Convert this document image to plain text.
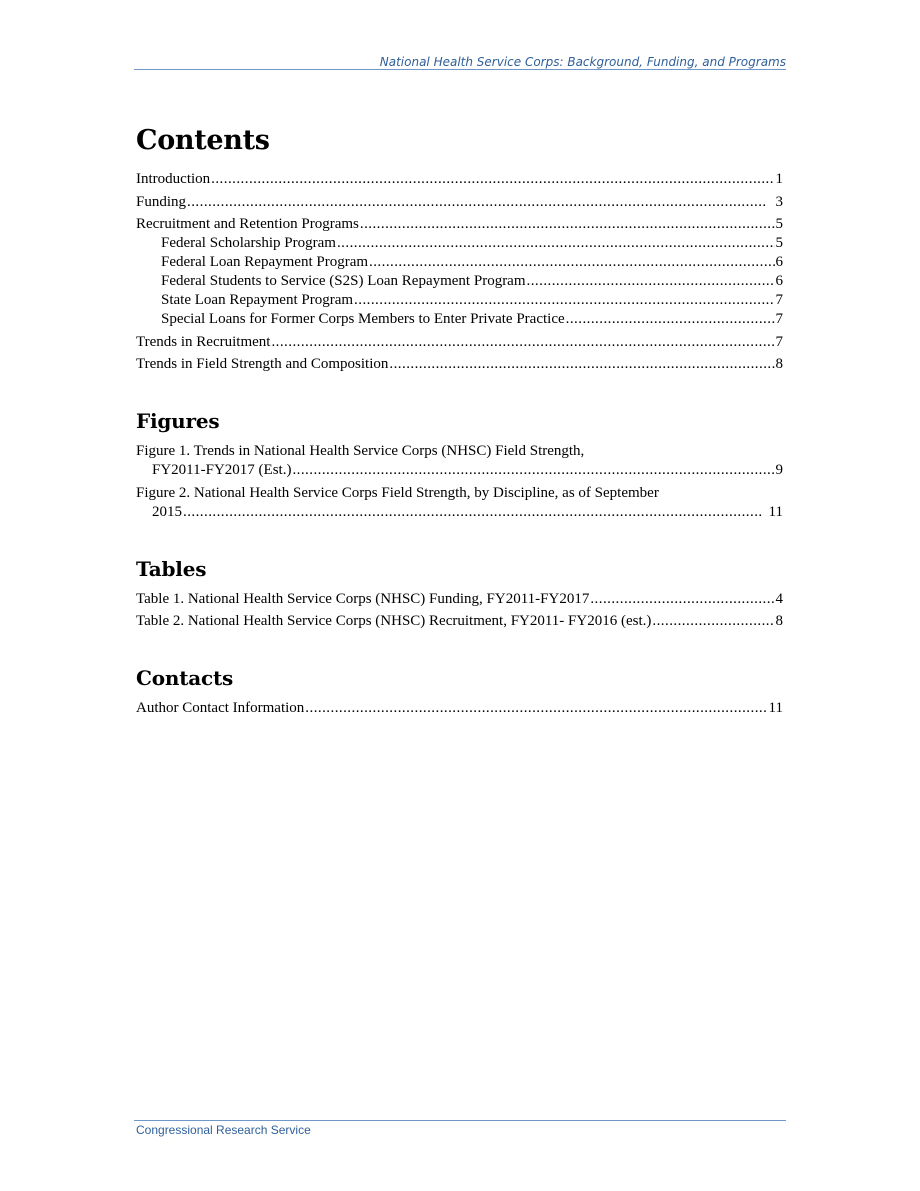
National Health Service Corps: Background, Funding, and Programs
Contents
Introduction . . .	1
Funding . . .	3
Recruitment and Retention Programs . . .	5
Federal Scholarship Program . . .	5
Federal Loan Repayment Program . . .	6
Federal Students to Service (S2S) Loan Repayment Program . . .	6
State Loan Repayment Program . . .	7
Special Loans for Former Corps Members to Enter Private Practice . . .	7
Trends in Recruitment . . .	7
Trends in Field Strength and Composition . . .	8
Figures
Figure 1. Trends in National Health Service Corps (NHSC) Field Strength,
FY2011-FY2017 (Est.) . . .	9
Figure 2. National Health Service Corps Field Strength, by Discipline, as of September
2015 . . .	11
Tables
Table 1. National Health Service Corps (NHSC) Funding, FY2011-FY2017 . . .	4
Table 2. National Health Service Corps (NHSC) Recruitment, FY2011- FY2016 (est.) . . .	8
Contacts
Author Contact Information . . .	11
Congressional Research Service
